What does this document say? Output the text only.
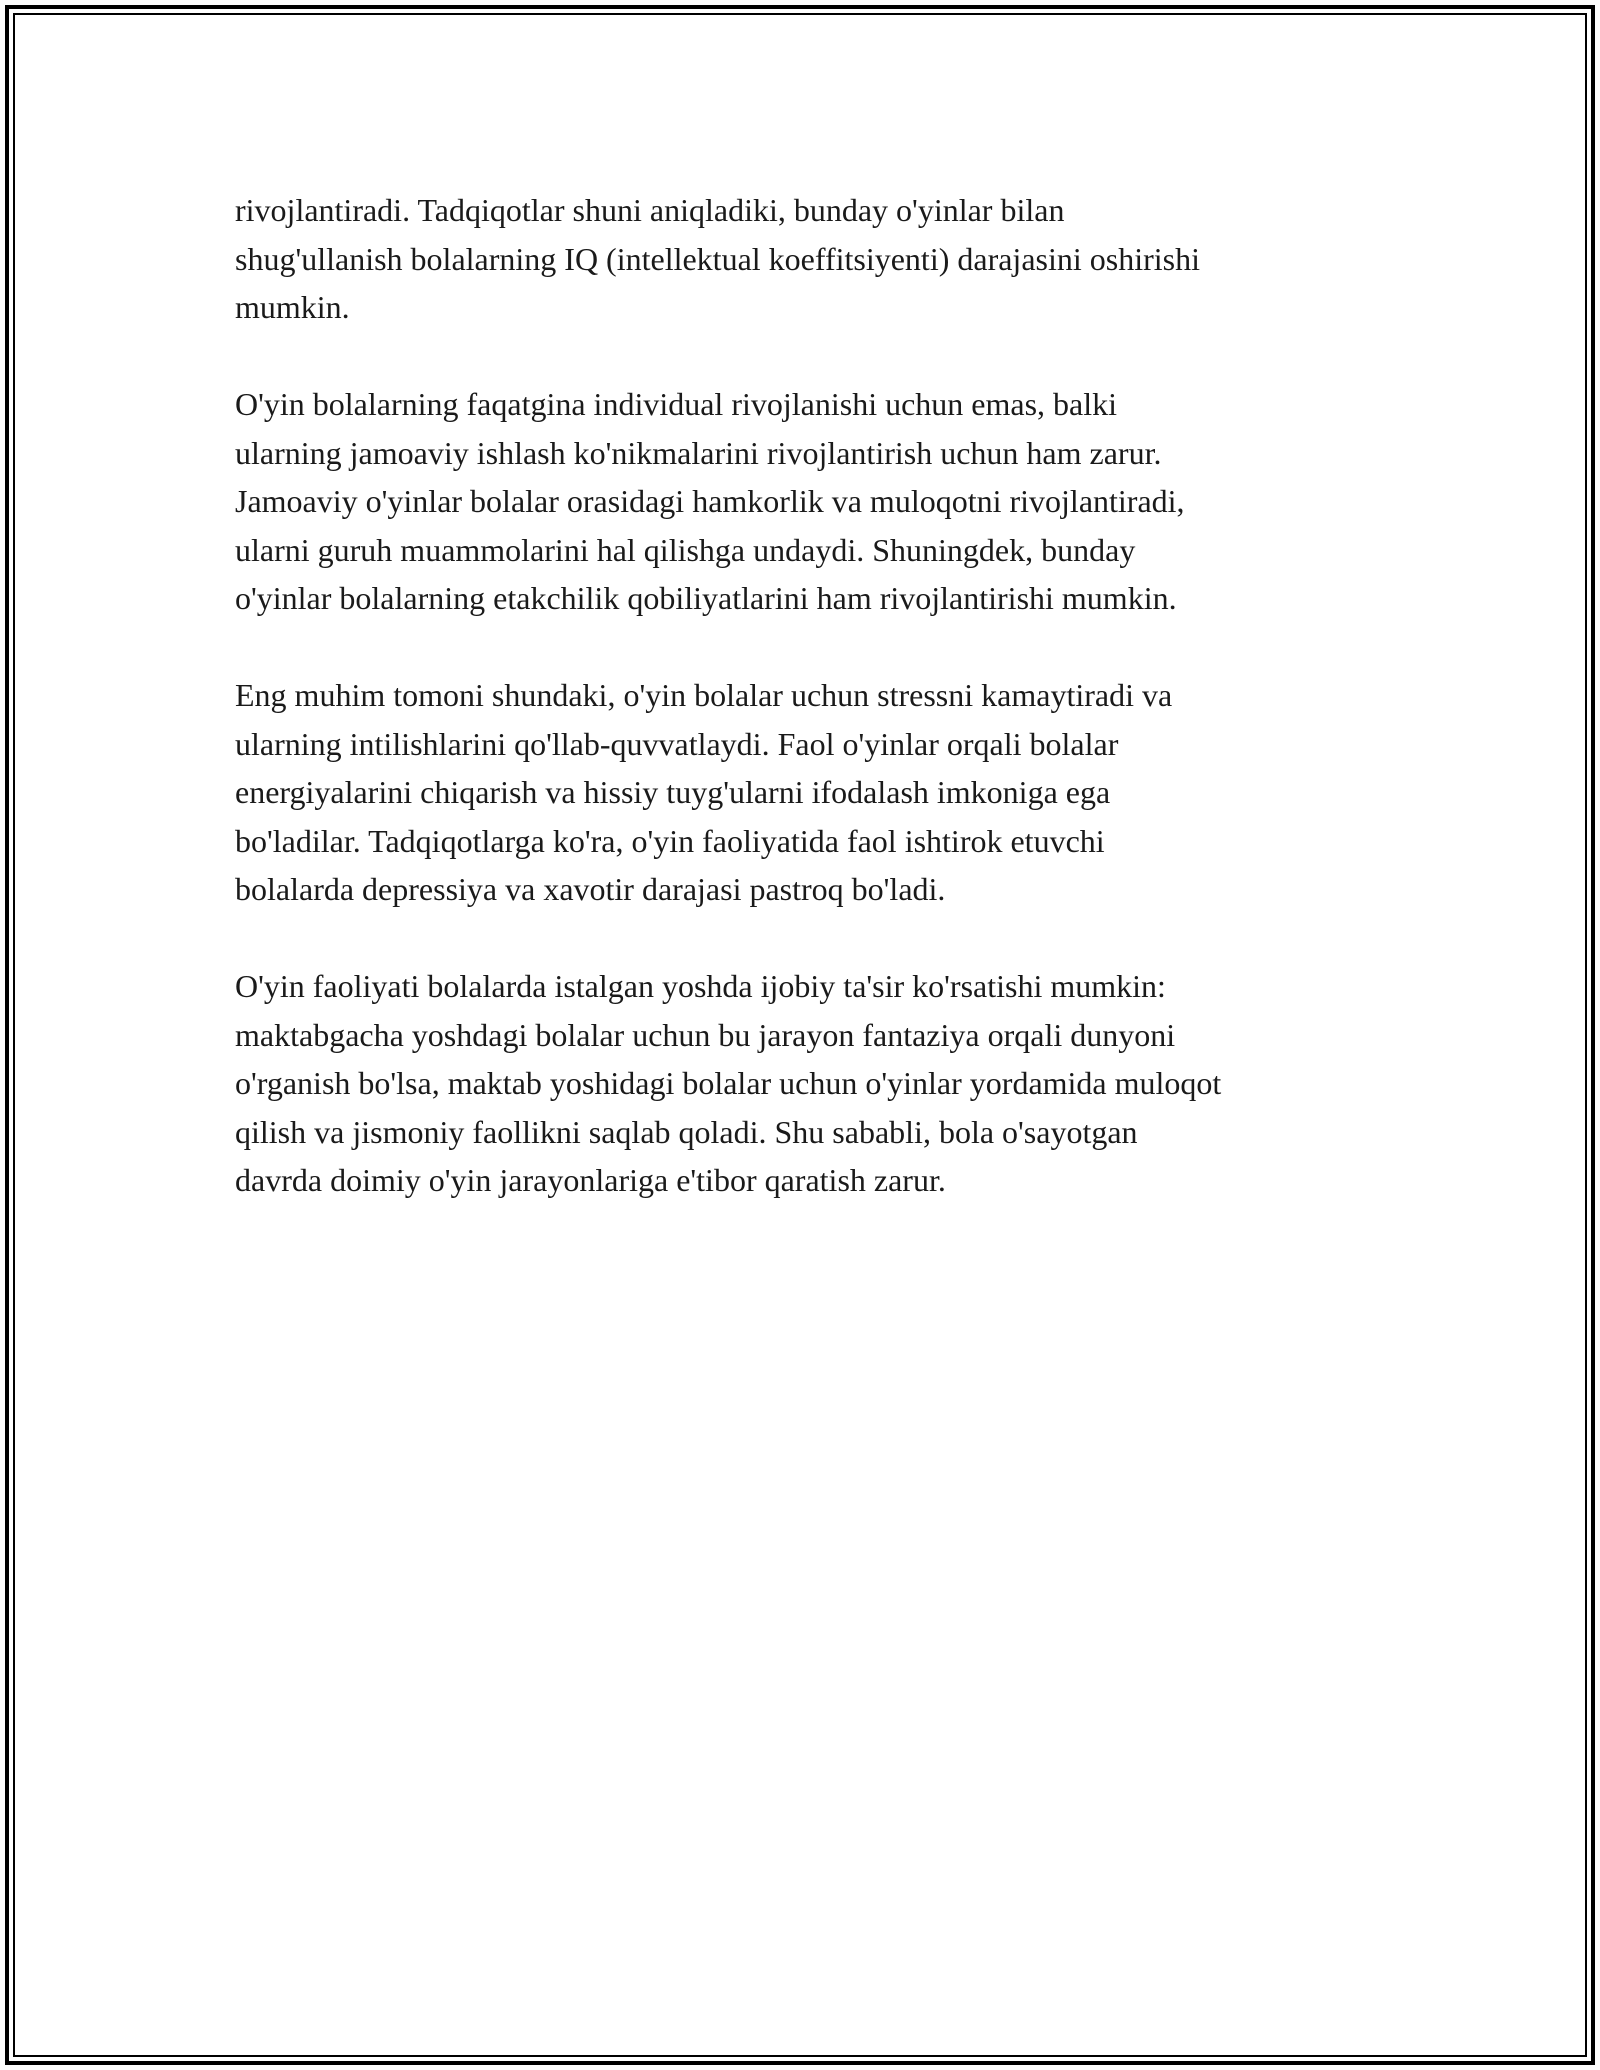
rivojlantiradi. Tadqiqotlar shuni aniqladiki, bunday o'yinlar bilan
shug'ullanish bolalarning IQ (intellektual koeffitsiyenti) darajasini oshirishi
mumkin.

O'yin bolalarning faqatgina individual rivojlanishi uchun emas, balki
ularning jamoaviy ishlash ko'nikmalarini rivojlantirish uchun ham zarur.
Jamoaviy o'yinlar bolalar orasidagi hamkorlik va muloqotni rivojlantiradi,
ularni guruh muammolarini hal qilishga undaydi. Shuningdek, bunday
o'yinlar bolalarning etakchilik qobiliyatlarini ham rivojlantirishi mumkin.

Eng muhim tomoni shundaki, o'yin bolalar uchun stressni kamaytiradi va
ularning intilishlarini qo'llab-quvvatlaydi. Faol o'yinlar orqali bolalar
energiyalarini chiqarish va hissiy tuyg'ularni ifodalash imkoniga ega
bo'ladilar. Tadqiqotlarga ko'ra, o'yin faoliyatida faol ishtirok etuvchi
bolalarda depressiya va xavotir darajasi pastroq bo'ladi.

O'yin faoliyati bolalarda istalgan yoshda ijobiy ta'sir ko'rsatishi mumkin:
maktabgacha yoshdagi bolalar uchun bu jarayon fantaziya orqali dunyoni
o'rganish bo'lsa, maktab yoshidagi bolalar uchun o'yinlar yordamida muloqot
qilish va jismoniy faollikni saqlab qoladi. Shu sababli, bola o'sayotgan
davrda doimiy o'yin jarayonlariga e'tibor qaratish zarur.
